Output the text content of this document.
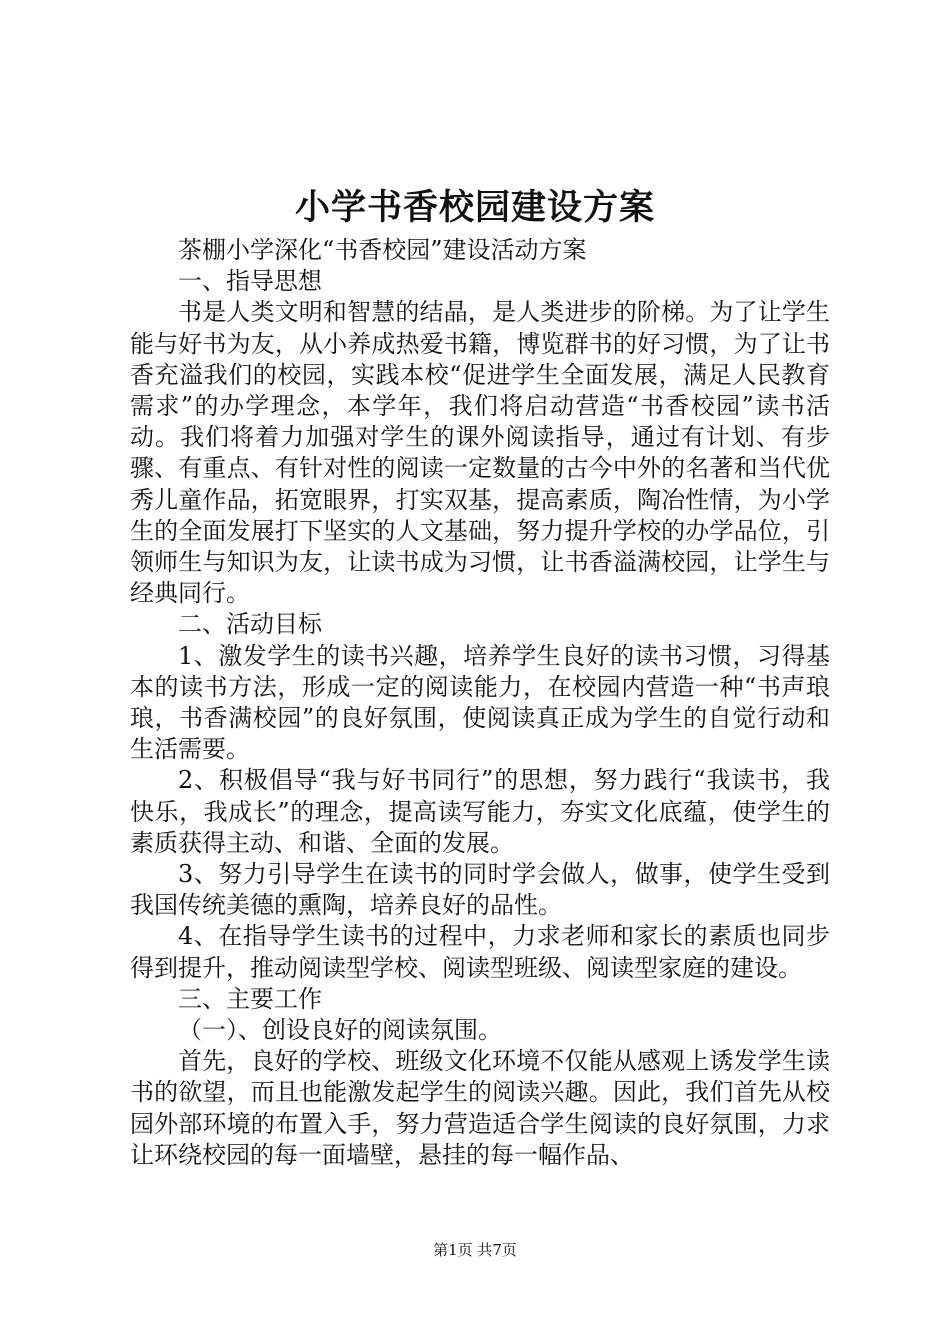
小学书香校园建设方案

茶棚小学深化“书香校园”建设活动方案

一、指导思想

书是人类文明和智慧的结晶，是人类进步的阶梯。为了让学生能与好书为友，从小养成热爱书籍，博览群书的好习惯，为了让书香充溢我们的校园，实践本校“促进学生全面发展，满足人民教育需求”的办学理念，本学年，我们将启动营造“书香校园”读书活动。我们将着力加强对学生的课外阅读指导，通过有计划、有步骤、有重点、有针对性的阅读一定数量的古今中外的名著和当代优秀儿童作品，拓宽眼界，打实双基，提高素质，陶冶性情，为小学生的全面发展打下坚实的人文基础，努力提升学校的办学品位，引领师生与知识为友，让读书成为习惯，让书香溢满校园，让学生与经典同行。

二、活动目标

1、激发学生的读书兴趣，培养学生良好的读书习惯，习得基本的读书方法，形成一定的阅读能力，在校园内营造一种“书声琅琅，书香满校园”的良好氛围，使阅读真正成为学生的自觉行动和生活需要。

2、积极倡导“我与好书同行”的思想，努力践行“我读书，我快乐，我成长”的理念，提高读写能力，夯实文化底蕴，使学生的素质获得主动、和谐、全面的发展。

3、努力引导学生在读书的同时学会做人，做事，使学生受到我国传统美德的熏陶，培养良好的品性。

4、在指导学生读书的过程中，力求老师和家长的素质也同步得到提升，推动阅读型学校、阅读型班级、阅读型家庭的建设。

三、主要工作

（一）、创设良好的阅读氛围。

首先，良好的学校、班级文化环境不仅能从感观上诱发学生读书的欲望，而且也能激发起学生的阅读兴趣。因此，我们首先从校园外部环境的布置入手，努力营造适合学生阅读的良好氛围，力求让环绕校园的每一面墙壁，悬挂的每一幅作品、

第1页 共7页
